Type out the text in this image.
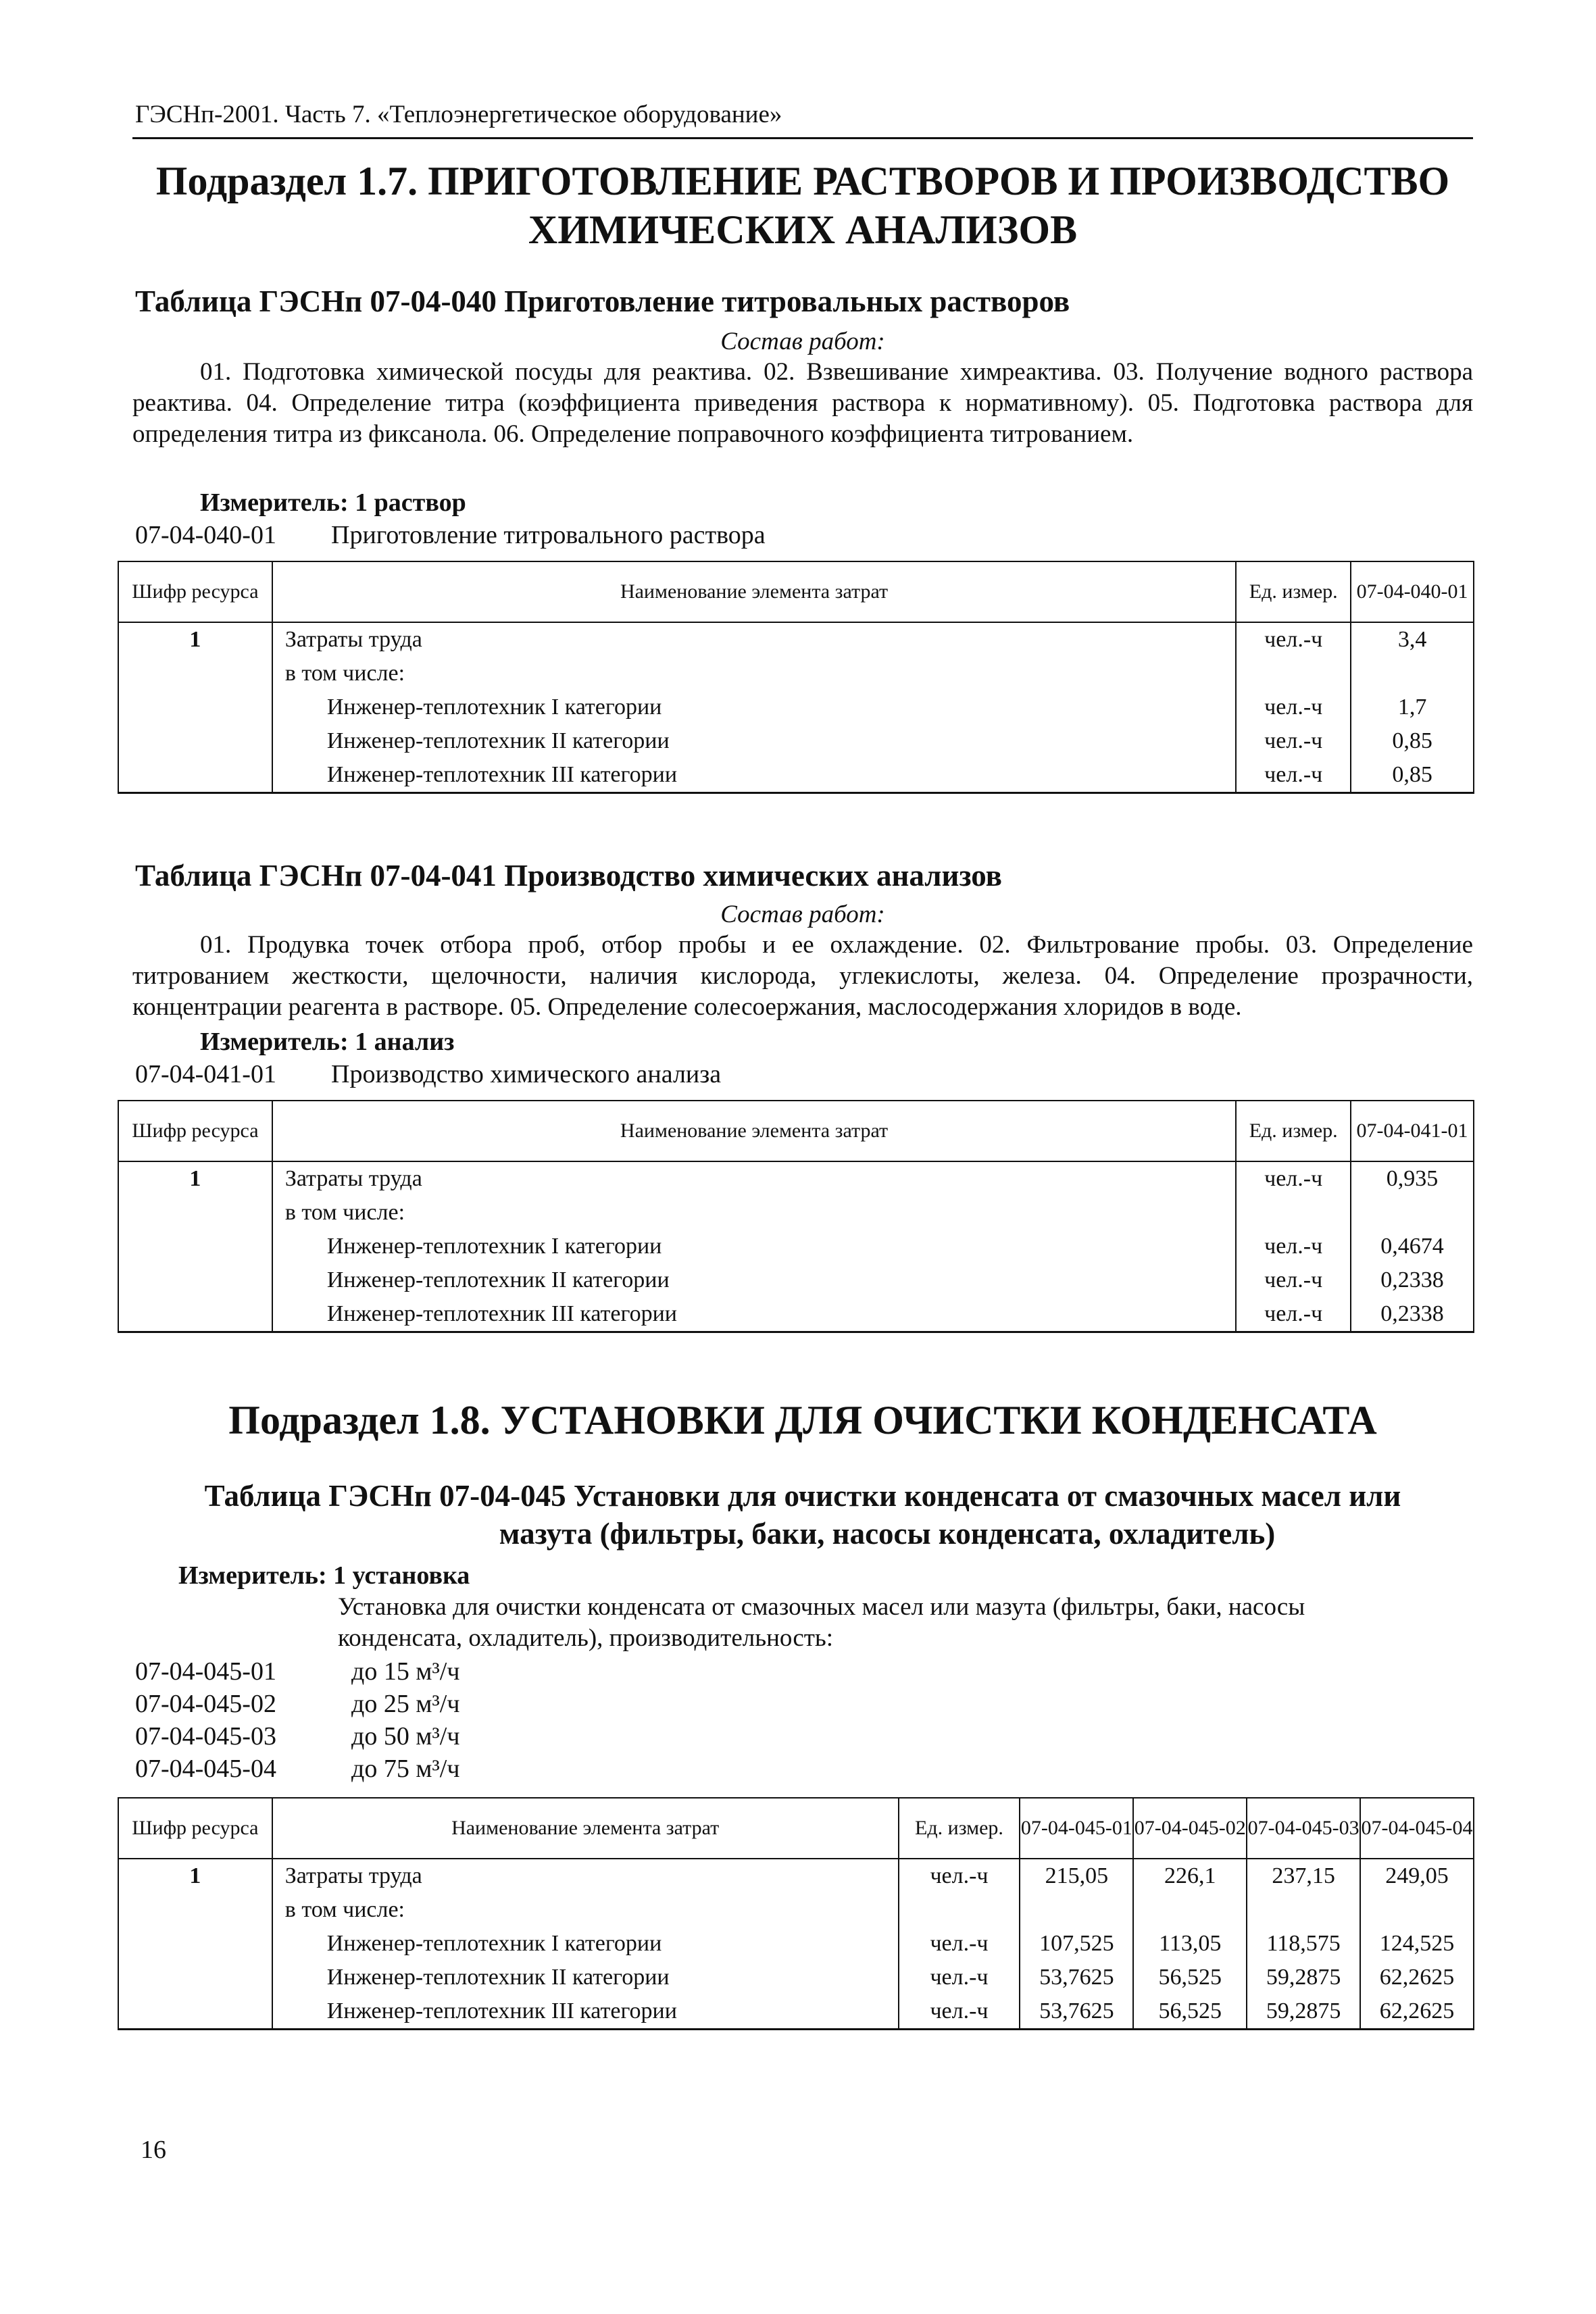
ГЭСНп-2001. Часть 7. «Теплоэнергетическое оборудование»
Подраздел 1.7. ПРИГОТОВЛЕНИЕ РАСТВОРОВ И ПРОИЗВОДСТВО
ХИМИЧЕСКИХ АНАЛИЗОВ
Таблица ГЭСНп 07-04-040 Приготовление титровальных растворов
Состав работ:
01. Подготовка химической посуды для реактива. 02. Взвешивание химреактива. 03. Получение водного раствора реактива. 04. Определение титра (коэффициента приведения раствора к нормативному). 05. Подготовка раствора для определения титра из фиксанола. 06. Определение поправочного коэффициента титрованием.
Измеритель: 1 раствор
07-04-040-01 Приготовление титровального раствора
Шифр ресурса	Наименование элемента затрат	Ед. измер.	07-04-040-01
1	Затраты труда	чел.-ч	3,4
	в том числе:		
	Инженер-теплотехник I категории	чел.-ч	1,7
	Инженер-теплотехник II категории	чел.-ч	0,85
	Инженер-теплотехник III категории	чел.-ч	0,85
Таблица ГЭСНп 07-04-041 Производство химических анализов
Состав работ:
01. Продувка точек отбора проб, отбор пробы и ее охлаждение. 02. Фильтрование пробы. 03. Определение титрованием жесткости, щелочности, наличия кислорода, углекислоты, железа. 04. Определение прозрачности, концентрации реагента в растворе. 05. Определение солесоержания, маслосодержания хлоридов в воде.
Измеритель: 1 анализ
07-04-041-01 Производство химического анализа
Шифр ресурса	Наименование элемента затрат	Ед. измер.	07-04-041-01
1	Затраты труда	чел.-ч	0,935
	в том числе:		
	Инженер-теплотехник I категории	чел.-ч	0,4674
	Инженер-теплотехник II категории	чел.-ч	0,2338
	Инженер-теплотехник III категории	чел.-ч	0,2338
Подраздел 1.8. УСТАНОВКИ ДЛЯ ОЧИСТКИ КОНДЕНСАТА
Таблица ГЭСНп 07-04-045 Установки для очистки конденсата от смазочных масел или
мазута (фильтры, баки, насосы конденсата, охладитель)
Измеритель: 1 установка
Установка для очистки конденсата от смазочных масел или мазута (фильтры, баки, насосы конденсата, охладитель), производительность:
07-04-045-01	до 15 м³/ч
07-04-045-02	до 25 м³/ч
07-04-045-03	до 50 м³/ч
07-04-045-04	до 75 м³/ч
Шифр ресурса	Наименование элемента затрат	Ед. измер.	07-04-045-01	07-04-045-02	07-04-045-03	07-04-045-04
1	Затраты труда	чел.-ч	215,05	226,1	237,15	249,05
	в том числе:					
	Инженер-теплотехник I категории	чел.-ч	107,525	113,05	118,575	124,525
	Инженер-теплотехник II категории	чел.-ч	53,7625	56,525	59,2875	62,2625
	Инженер-теплотехник III категории	чел.-ч	53,7625	56,525	59,2875	62,2625
16
